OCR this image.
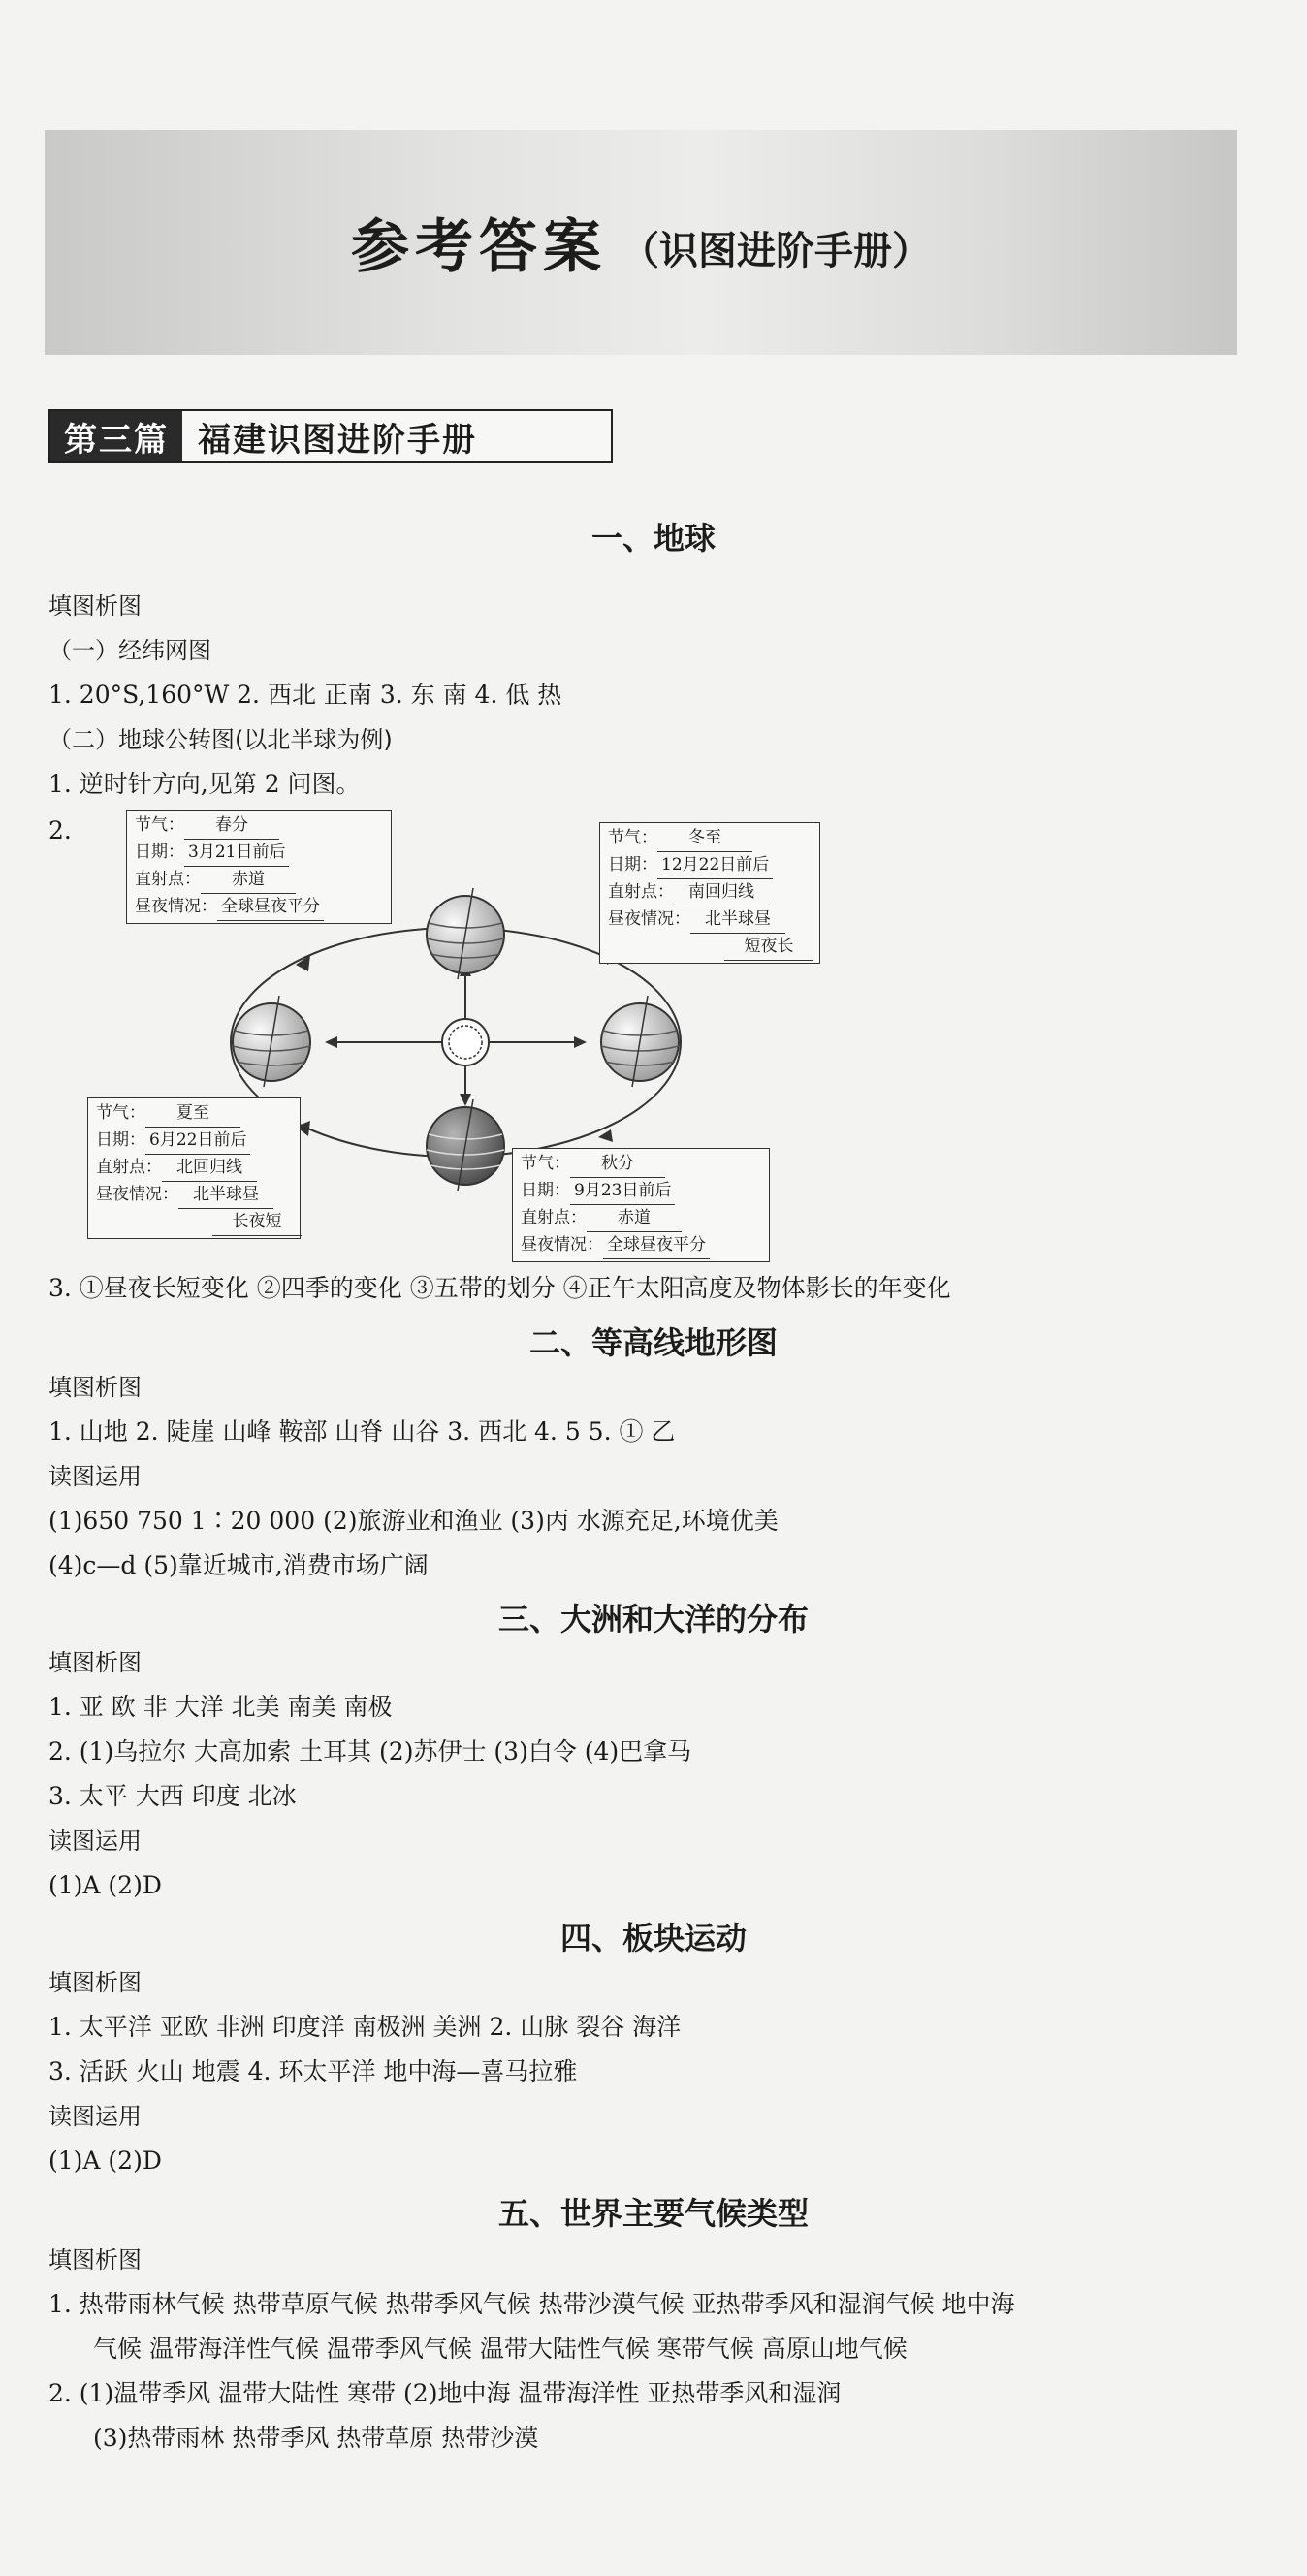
参考答案 （识图进阶手册）
第三篇 福建识图进阶手册
一、地球
填图析图
（一）经纬网图
1. 20°S,160°W 2. 西北 正南 3. 东 南 4. 低 热
（二）地球公转图(以北半球为例)
1. 逆时针方向,见第 2 问图。
2.	节气： 春分
日期： 3月21日前后
直射点： 赤道
昼夜情况： 全球昼夜平分
节气： 冬至
日期： 12月22日前后
直射点： 南回归线
昼夜情况： 北半球昼
短夜长
节气： 夏至
日期： 6月22日前后
直射点： 北回归线
昼夜情况： 北半球昼
长夜短
节气： 秋分
日期： 9月23日前后
直射点： 赤道
昼夜情况： 全球昼夜平分
3. ①昼夜长短变化 ②四季的变化 ③五带的划分 ④正午太阳高度及物体影长的年变化
二、等高线地形图
填图析图
1. 山地 2. 陡崖 山峰 鞍部 山脊 山谷 3. 西北 4. 5 5. ① 乙
读图运用
(1)650 750 1∶20 000 (2)旅游业和渔业 (3)丙 水源充足,环境优美
(4)c—d (5)靠近城市,消费市场广阔
三、大洲和大洋的分布
填图析图
1. 亚 欧 非 大洋 北美 南美 南极
2. (1)乌拉尔 大高加索 土耳其 (2)苏伊士 (3)白令 (4)巴拿马
3. 太平 大西 印度 北冰
读图运用
(1)A (2)D
四、板块运动
填图析图
1. 太平洋 亚欧 非洲 印度洋 南极洲 美洲 2. 山脉 裂谷 海洋
3. 活跃 火山 地震 4. 环太平洋 地中海—喜马拉雅
读图运用
(1)A (2)D
五、世界主要气候类型
填图析图
1. 热带雨林气候 热带草原气候 热带季风气候 热带沙漠气候 亚热带季风和湿润气候 地中海
气候 温带海洋性气候 温带季风气候 温带大陆性气候 寒带气候 高原山地气候
2. (1)温带季风 温带大陆性 寒带 (2)地中海 温带海洋性 亚热带季风和湿润
(3)热带雨林 热带季风 热带草原 热带沙漠
